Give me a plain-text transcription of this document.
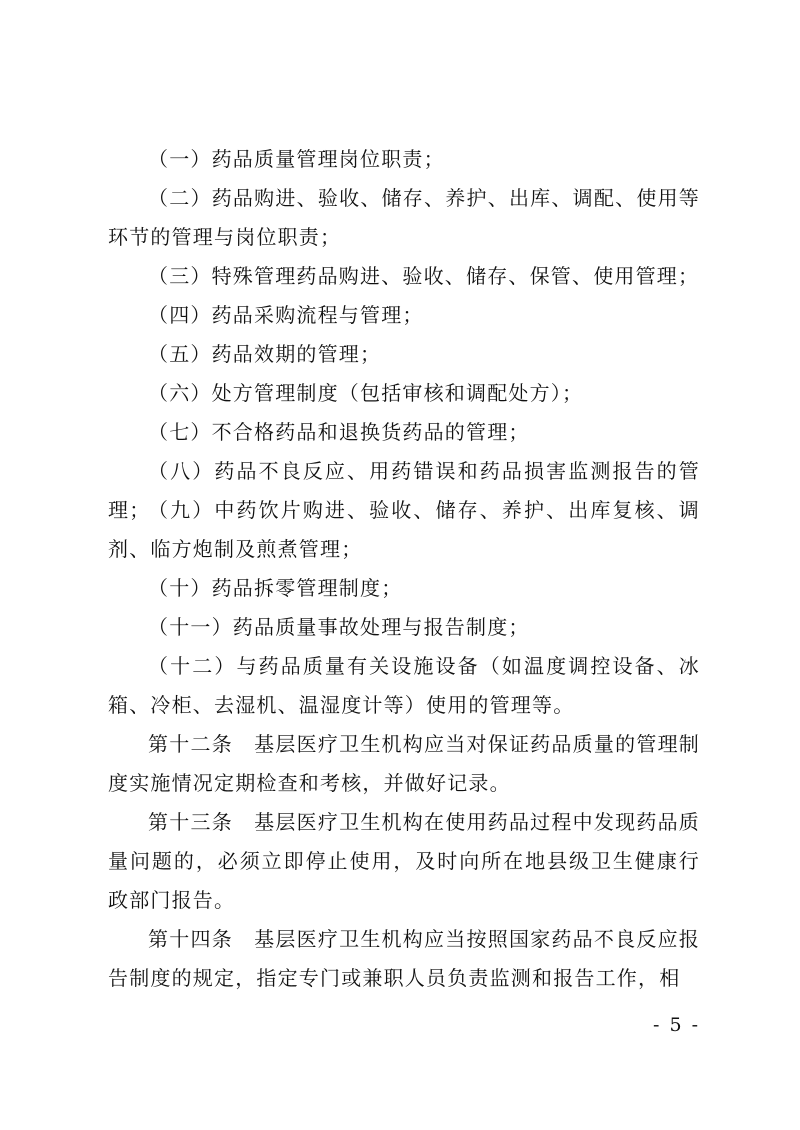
（一）药品质量管理岗位职责；

（二）药品购进、验收、储存、养护、出库、调配、使用等环节的管理与岗位职责；

（三）特殊管理药品购进、验收、储存、保管、使用管理；

（四）药品采购流程与管理；

（五）药品效期的管理；

（六）处方管理制度（包括审核和调配处方）；

（七）不合格药品和退换货药品的管理；

（八）药品不良反应、用药错误和药品损害监测报告的管理；

（九）中药饮片购进、验收、储存、养护、出库复核、调剂、临方炮制及煎煮管理；

（十）药品拆零管理制度；

（十一）药品质量事故处理与报告制度；

（十二）与药品质量有关设施设备（如温度调控设备、冰箱、冷柜、去湿机、温湿度计等）使用的管理等。

第十二条　基层医疗卫生机构应当对保证药品质量的管理制度实施情况定期检查和考核，并做好记录。

第十三条　基层医疗卫生机构在使用药品过程中发现药品质量问题的，必须立即停止使用，及时向所在地县级卫生健康行政部门报告。

第十四条　基层医疗卫生机构应当按照国家药品不良反应报告制度的规定，指定专门或兼职人员负责监测和报告工作，相

- 5 -
